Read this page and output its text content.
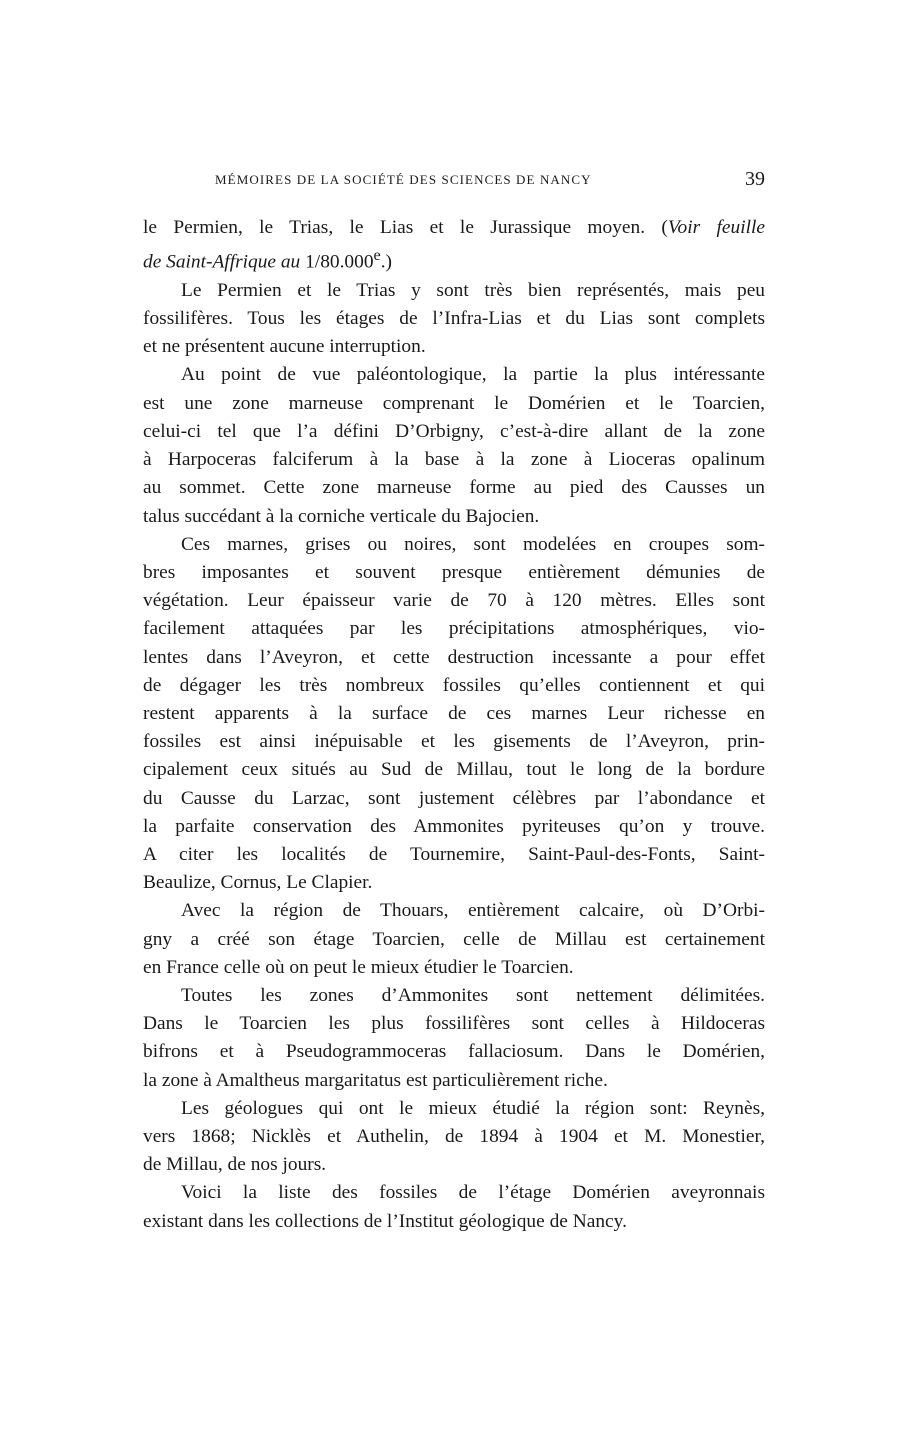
MÉMOIRES DE LA SOCIÉTÉ DES SCIENCES DE NANCY	39
le Permien, le Trias, le Lias et le Jurassique moyen. (Voir feuille
de Saint-Affrique au 1/80.000e.)
Le Permien et le Trias y sont très bien représentés, mais peu
fossilifères. Tous les étages de l’Infra-Lias et du Lias sont complets
et ne présentent aucune interruption.
Au point de vue paléontologique, la partie la plus intéressante
est une zone marneuse comprenant le Domérien et le Toarcien,
celui-ci tel que l’a défini D’Orbigny, c’est-à-dire allant de la zone
à Harpoceras falciferum à la base à la zone à Lioceras opalinum
au sommet. Cette zone marneuse forme au pied des Causses un
talus succédant à la corniche verticale du Bajocien.
Ces marnes, grises ou noires, sont modelées en croupes som-
bres imposantes et souvent presque entièrement démunies de
végétation. Leur épaisseur varie de 70 à 120 mètres. Elles sont
facilement attaquées par les précipitations atmosphériques, vio-
lentes dans l’Aveyron, et cette destruction incessante a pour effet
de dégager les très nombreux fossiles qu’elles contiennent et qui
restent apparents à la surface de ces marnes Leur richesse en
fossiles est ainsi inépuisable et les gisements de l’Aveyron, prin-
cipalement ceux situés au Sud de Millau, tout le long de la bordure
du Causse du Larzac, sont justement célèbres par l’abondance et
la parfaite conservation des Ammonites pyriteuses qu’on y trouve.
A citer les localités de Tournemire, Saint-Paul-des-Fonts, Saint-
Beaulize, Cornus, Le Clapier.
Avec la région de Thouars, entièrement calcaire, où D’Orbi-
gny a créé son étage Toarcien, celle de Millau est certainement
en France celle où on peut le mieux étudier le Toarcien.
Toutes les zones d’Ammonites sont nettement délimitées.
Dans le Toarcien les plus fossilifères sont celles à Hildoceras
bifrons et à Pseudogrammoceras fallaciosum. Dans le Domérien,
la zone à Amaltheus margaritatus est particulièrement riche.
Les géologues qui ont le mieux étudié la région sont: Reynès,
vers 1868; Nicklès et Authelin, de 1894 à 1904 et M. Monestier,
de Millau, de nos jours.
Voici la liste des fossiles de l’étage Domérien aveyronnais
existant dans les collections de l’Institut géologique de Nancy.
